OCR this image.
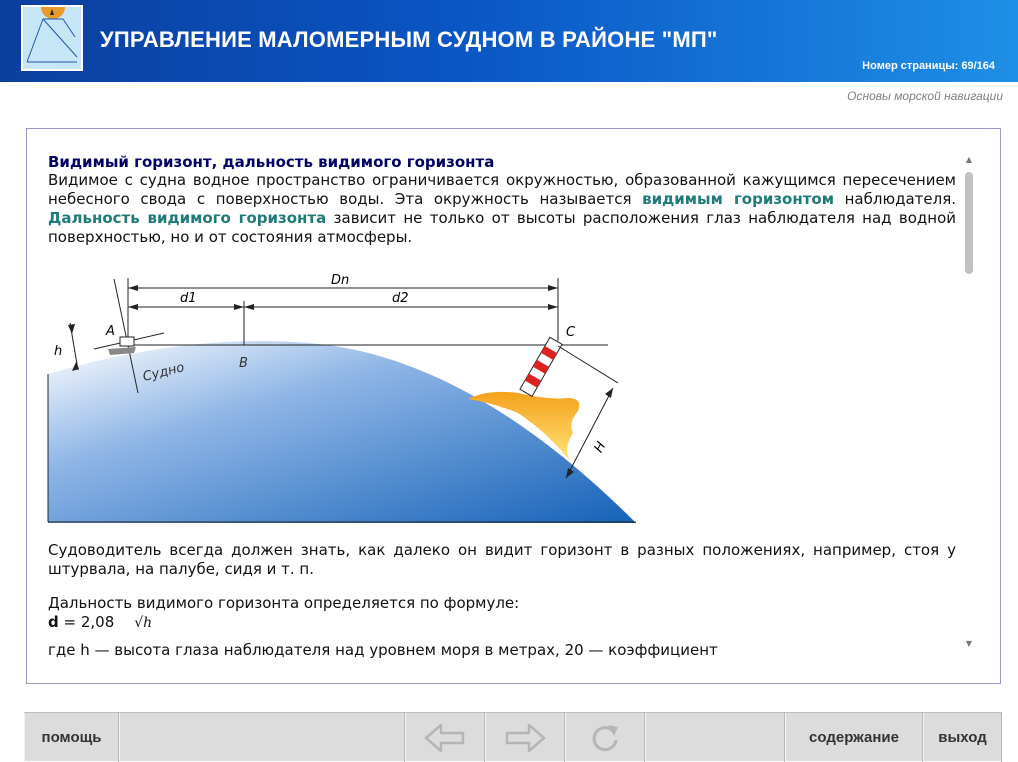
УПРАВЛЕНИЕ МАЛОМЕРНЫМ СУДНОМ В РАЙОНЕ "МП"
Номер страницы: 69/164
Основы морской навигации
Видимый горизонт, дальность видимого горизонта
Видимое с судна водное пространство ограничивается окружностью, образованной кажущимся пересечением небесного свода с поверхностью воды. Эта окружность называется видимым горизонтом наблюдателя. Дальность видимого горизонта зависит не только от высоты расположения глаз наблюдателя над водной поверхностью, но и от состояния атмосферы.
Dn
d1	d2
A
B
C
h
H
Судно
Судоводитель всегда должен знать, как далеко он видит горизонт в разных положениях, например, стоя у штурвала, на палубе, сидя и т. п.
Дальность видимого горизонта определяется по формуле:
d = 2,08 √h
где h — высота глаза наблюдателя над уровнем моря в метрах, 20 — коэффициент
▲
▼
помощь	содержание	выход
